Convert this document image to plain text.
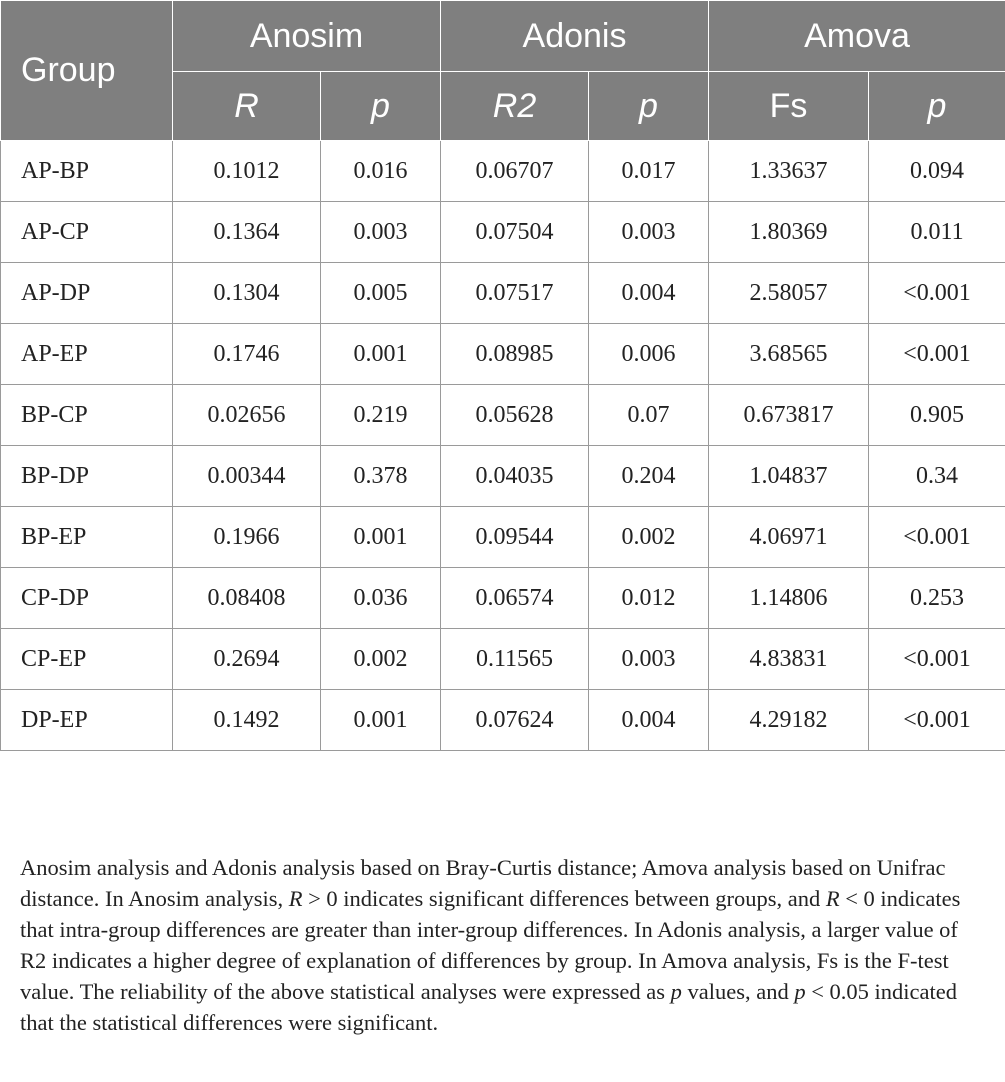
Group	Anosim		Adonis		Amova	
	R	p	R2	p	Fs	p
AP-BP	0.1012	0.016	0.06707	0.017	1.33637	0.094
AP-CP	0.1364	0.003	0.07504	0.003	1.80369	0.011
AP-DP	0.1304	0.005	0.07517	0.004	2.58057	<0.001
AP-EP	0.1746	0.001	0.08985	0.006	3.68565	<0.001
BP-CP	0.02656	0.219	0.05628	0.07	0.673817	0.905
BP-DP	0.00344	0.378	0.04035	0.204	1.04837	0.34
BP-EP	0.1966	0.001	0.09544	0.002	4.06971	<0.001
CP-DP	0.08408	0.036	0.06574	0.012	1.14806	0.253
CP-EP	0.2694	0.002	0.11565	0.003	4.83831	<0.001
DP-EP	0.1492	0.001	0.07624	0.004	4.29182	<0.001

Anosim analysis and Adonis analysis based on Bray-Curtis distance; Amova analysis based on Unifrac distance. In Anosim analysis, R > 0 indicates significant differences between groups, and R < 0 indicates that intra-group differences are greater than inter-group differences. In Adonis analysis, a larger value of R2 indicates a higher degree of explanation of differences by group. In Amova analysis, Fs is the F-test value. The reliability of the above statistical analyses were expressed as p values, and p < 0.05 indicated that the statistical differences were significant.
